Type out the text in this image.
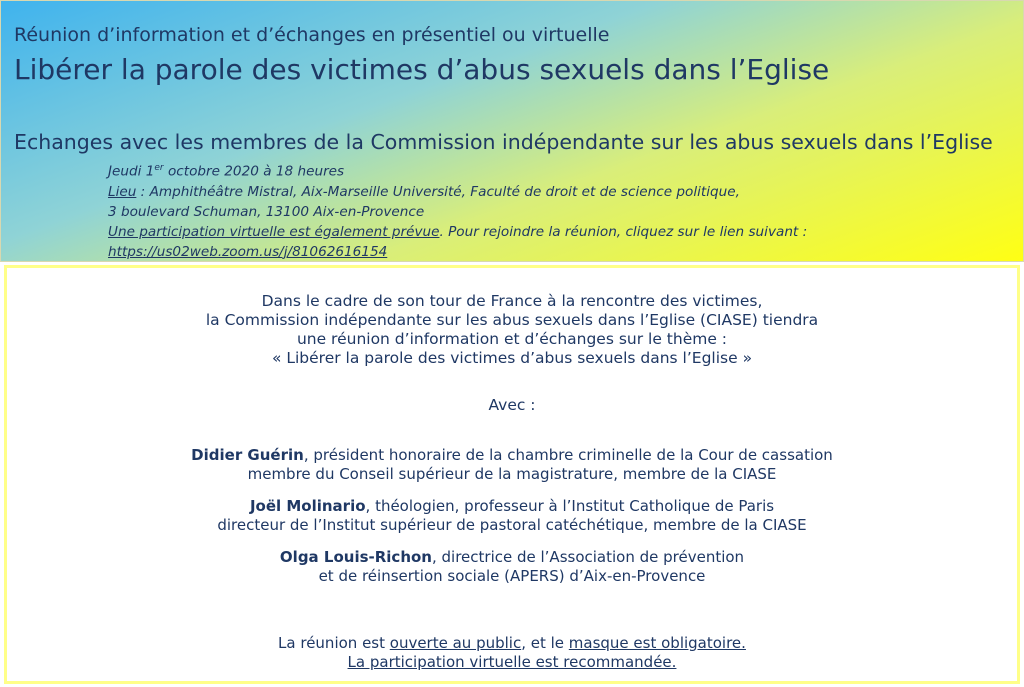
Réunion d’information et d’échanges en présentiel ou virtuelle
Libérer la parole des victimes d’abus sexuels dans l’Eglise
Echanges avec les membres de la Commission indépendante sur les abus sexuels dans l’Eglise
Jeudi 1er octobre 2020 à 18 heures
Lieu : Amphithéâtre Mistral, Aix-Marseille Université, Faculté de droit et de science politique,
3 boulevard Schuman, 13100 Aix-en-Provence
Une participation virtuelle est également prévue. Pour rejoindre la réunion, cliquez sur le lien suivant :
https://us02web.zoom.us/j/81062616154
Dans le cadre de son tour de France à la rencontre des victimes,
la Commission indépendante sur les abus sexuels dans l’Eglise (CIASE) tiendra
une réunion d’information et d’échanges sur le thème :
« Libérer la parole des victimes d’abus sexuels dans l’Eglise »
Avec :
Didier Guérin, président honoraire de la chambre criminelle de la Cour de cassation
membre du Conseil supérieur de la magistrature, membre de la CIASE
Joël Molinario, théologien, professeur à l’Institut Catholique de Paris
directeur de l’Institut supérieur de pastoral catéchétique, membre de la CIASE
Olga Louis-Richon, directrice de l’Association de prévention
et de réinsertion sociale (APERS) d’Aix-en-Provence
La réunion est ouverte au public, et le masque est obligatoire.
La participation virtuelle est recommandée.
